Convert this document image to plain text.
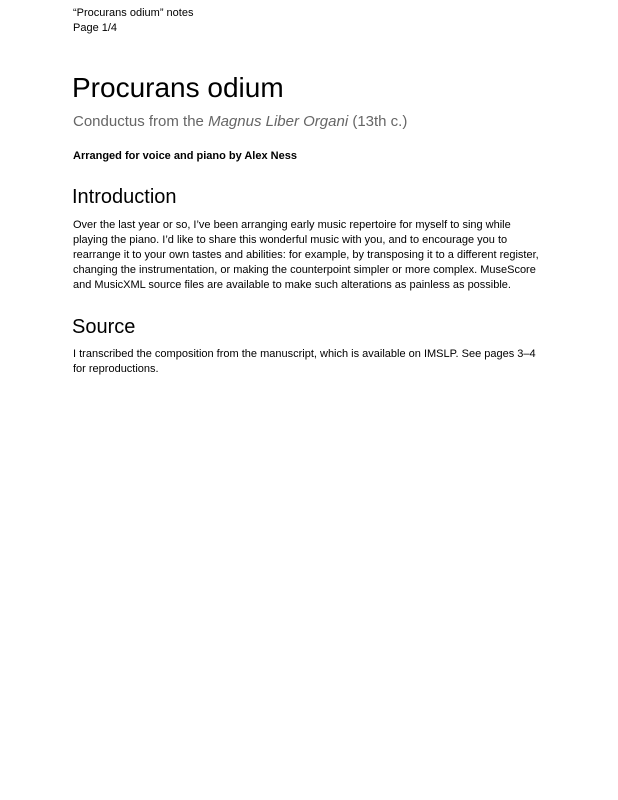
“Procurans odium” notes
Page 1/4
Procurans odium
Conductus from the Magnus Liber Organi (13th c.)
Arranged for voice and piano by Alex Ness
Introduction
Over the last year or so, I’ve been arranging early music repertoire for myself to sing while
playing the piano. I’d like to share this wonderful music with you, and to encourage you to
rearrange it to your own tastes and abilities: for example, by transposing it to a different register,
changing the instrumentation, or making the counterpoint simpler or more complex. MuseScore
and MusicXML source files are available to make such alterations as painless as possible.
Source
I transcribed the composition from the manuscript, which is available on IMSLP. See pages 3–4
for reproductions.
